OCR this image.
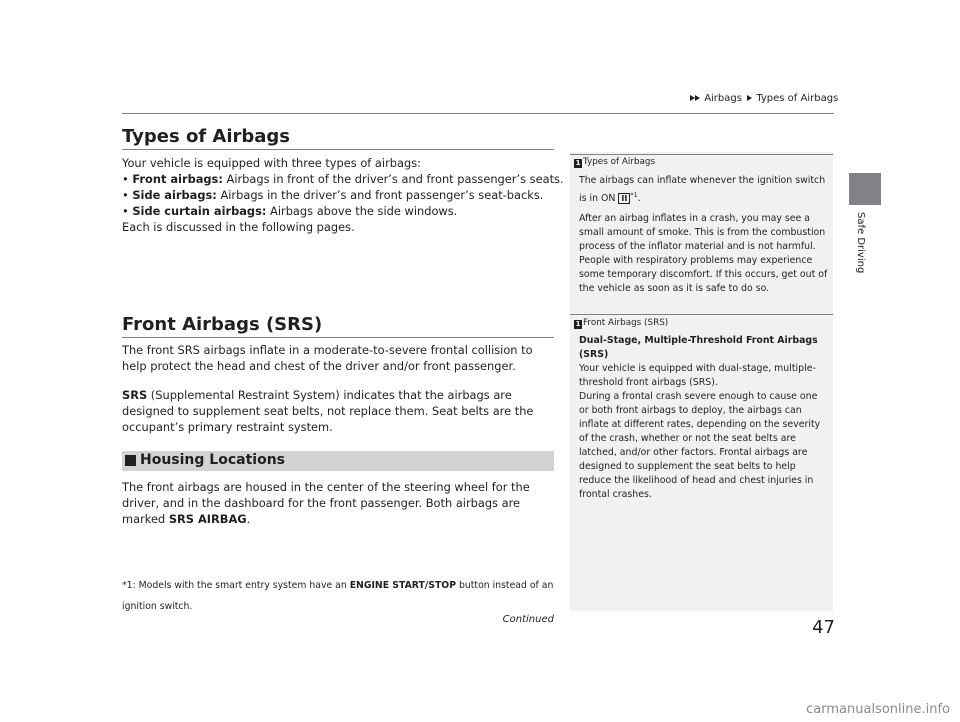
Airbags Types of Airbags
Safe Driving
Types of Airbags
Your vehicle is equipped with three types of airbags:
• Front airbags: Airbags in front of the driver’s and front passenger’s seats.
• Side airbags: Airbags in the driver’s and front passenger’s seat-backs.
• Side curtain airbags: Airbags above the side windows.
Each is discussed in the following pages.
Front Airbags (SRS)
The front SRS airbags inflate in a moderate-to-severe frontal collision to help protect the head and chest of the driver and/or front passenger.
SRS (Supplemental Restraint System) indicates that the airbags are designed to supplement seat belts, not replace them. Seat belts are the occupant’s primary restraint system.
Housing Locations
The front airbags are housed in the center of the steering wheel for the driver, and in the dashboard for the front passenger. Both airbags are marked SRS AIRBAG.
*1: Models with the smart entry system have an ENGINE START/STOP button instead of an ignition switch.
Continued	47
1 Types of Airbags
The airbags can inflate whenever the ignition switch is in ON II $^{*1}$.
After an airbag inflates in a crash, you may see a small amount of smoke. This is from the combustion process of the inflator material and is not harmful. People with respiratory problems may experience some temporary discomfort. If this occurs, get out of the vehicle as soon as it is safe to do so.
1 Front Airbags (SRS)
Dual-Stage, Multiple-Threshold Front Airbags (SRS)
Your vehicle is equipped with dual-stage, multiple-threshold front airbags (SRS).
During a frontal crash severe enough to cause one or both front airbags to deploy, the airbags can inflate at different rates, depending on the severity of the crash, whether or not the seat belts are latched, and/or other factors. Frontal airbags are designed to supplement the seat belts to help reduce the likelihood of head and chest injuries in frontal crashes.
carmanualsonline.info
